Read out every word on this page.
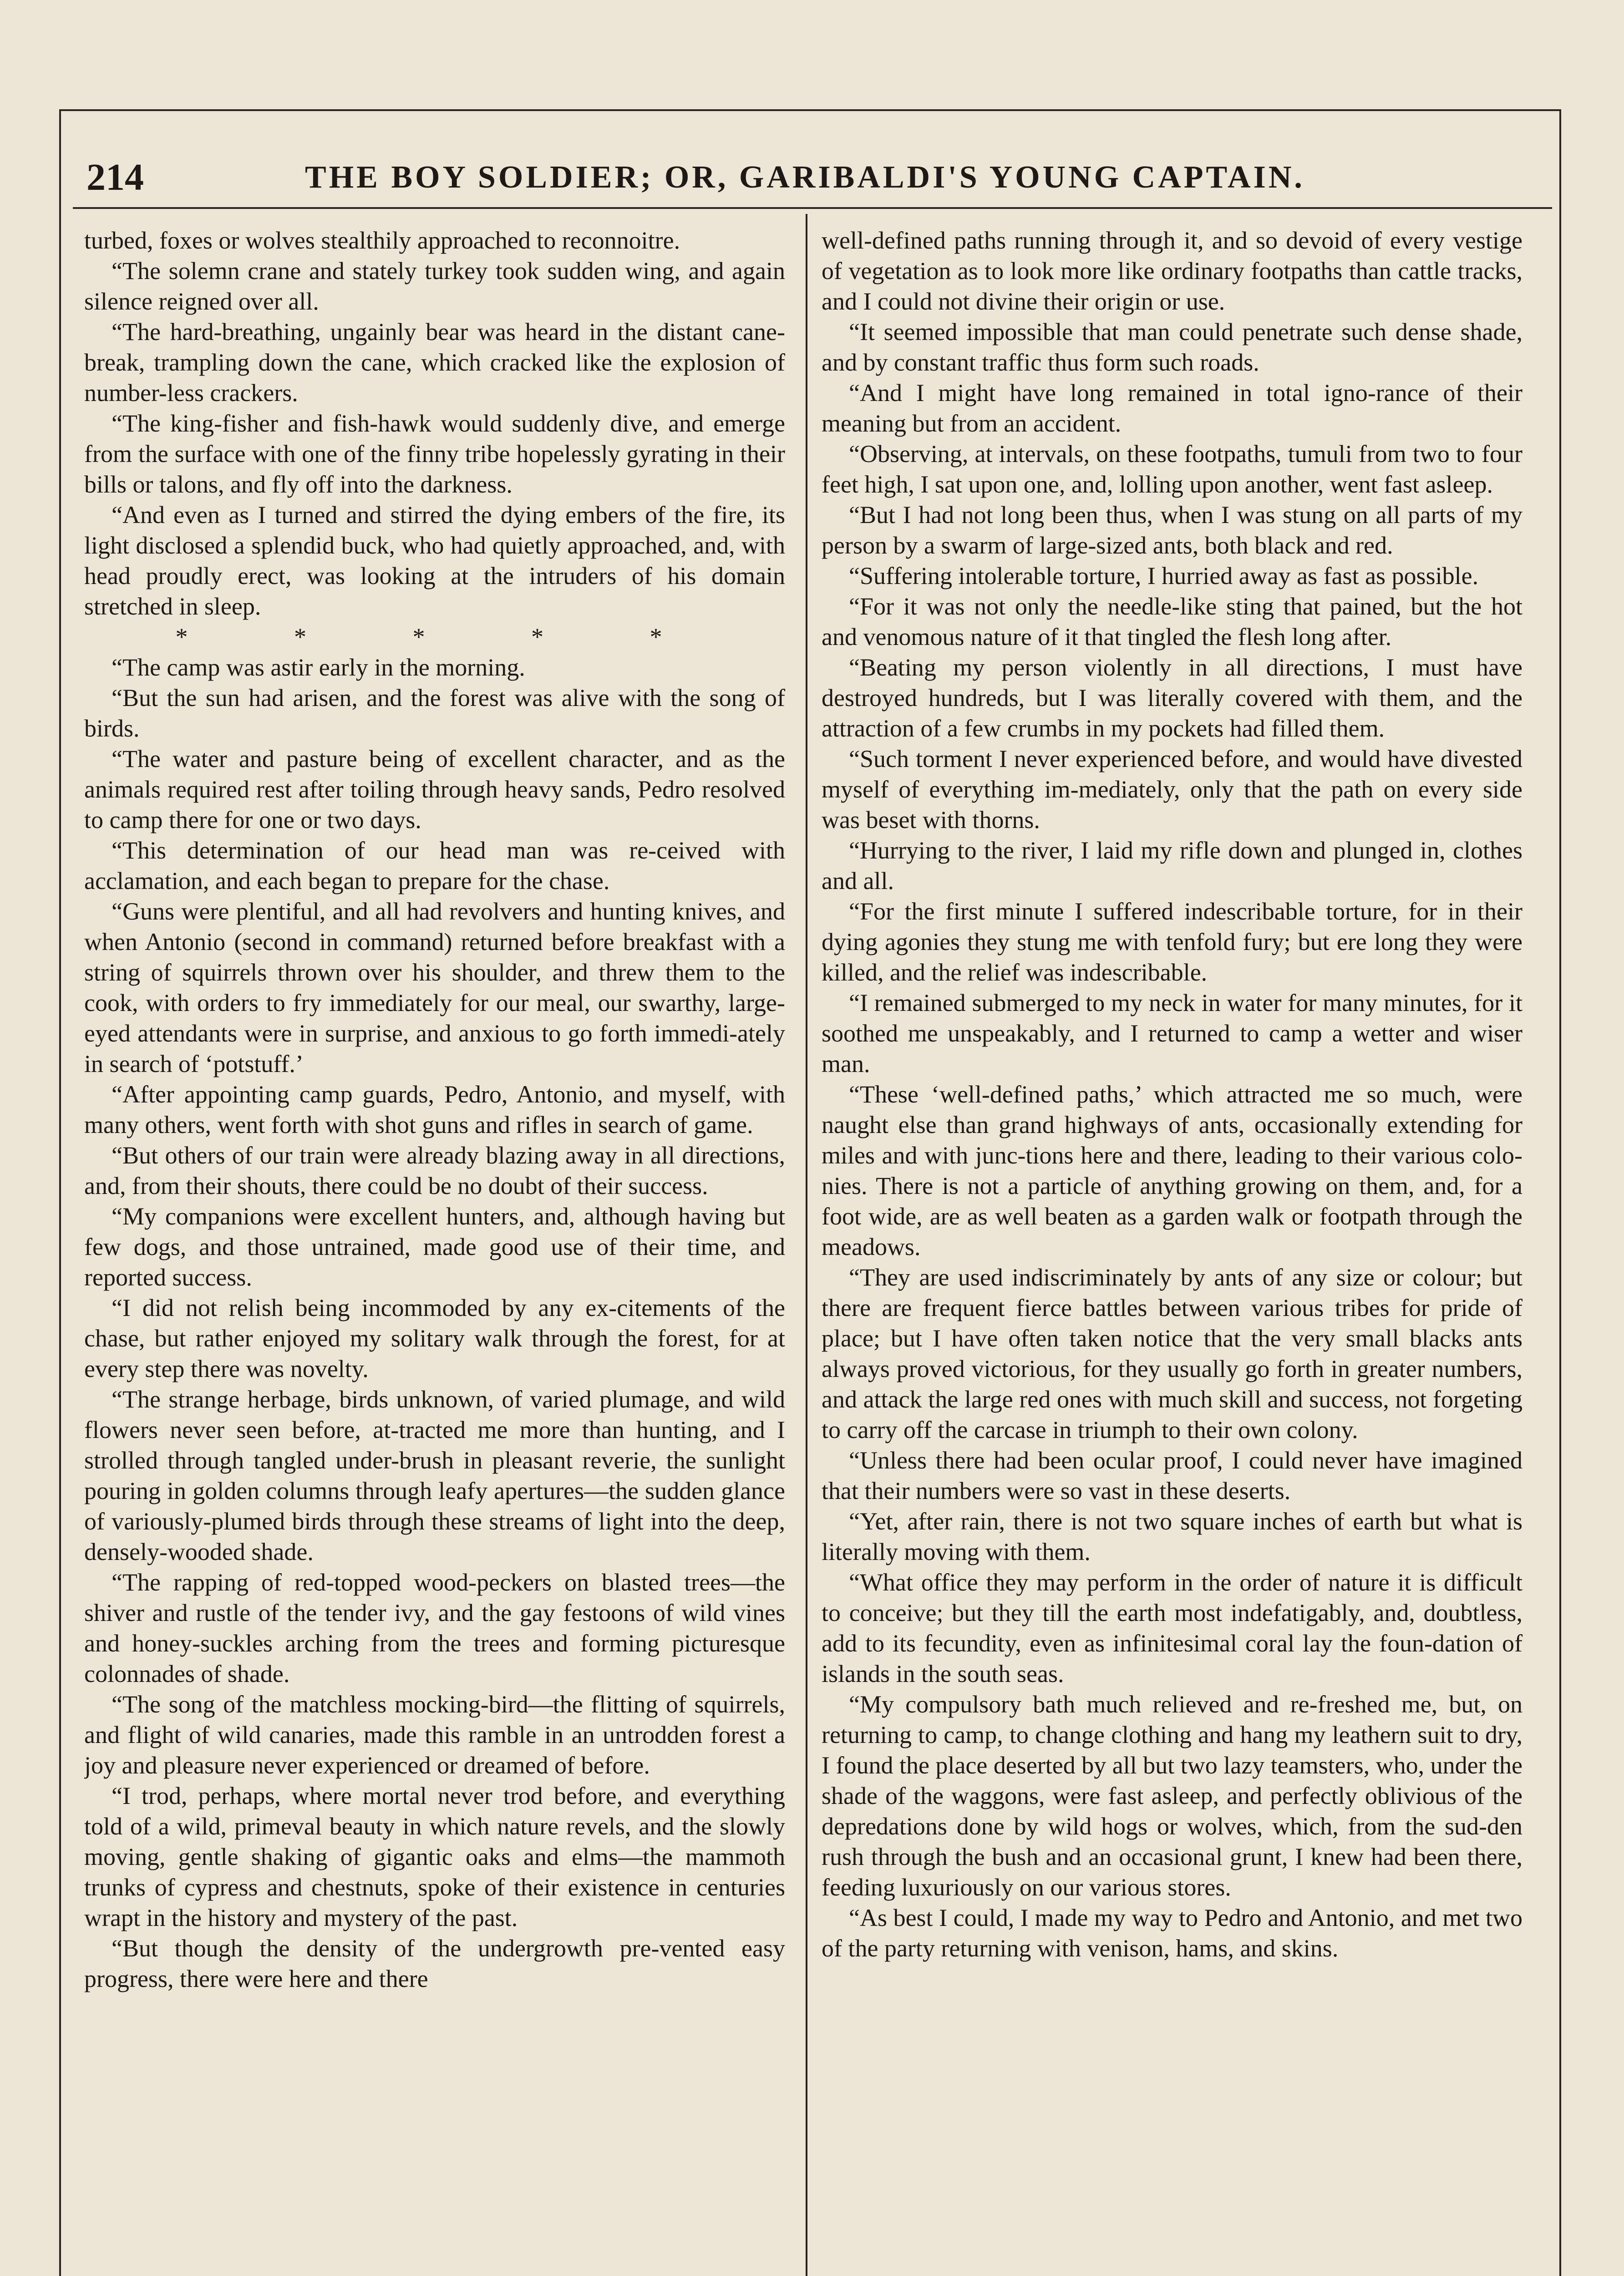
214	THE BOY SOLDIER; OR, GARIBALDI'S YOUNG CAPTAIN.

turbed, foxes or wolves stealthily approached to reconnoitre.

“The solemn crane and stately turkey took sudden wing, and again silence reigned over all.

“The hard-breathing, ungainly bear was heard in the distant cane-break, trampling down the cane, which cracked like the explosion of number-less crackers.

“The king-fisher and fish-hawk would suddenly dive, and emerge from the surface with one of the finny tribe hopelessly gyrating in their bills or talons, and fly off into the darkness.

“And even as I turned and stirred the dying embers of the fire, its light disclosed a splendid buck, who had quietly approached, and, with head proudly erect, was looking at the intruders of his domain stretched in sleep.

* * * * *

“The camp was astir early in the morning.

“But the sun had arisen, and the forest was alive with the song of birds.

“The water and pasture being of excellent character, and as the animals required rest after toiling through heavy sands, Pedro resolved to camp there for one or two days.

“This determination of our head man was re-ceived with acclamation, and each began to prepare for the chase.

“Guns were plentiful, and all had revolvers and hunting knives, and when Antonio (second in command) returned before breakfast with a string of squirrels thrown over his shoulder, and threw them to the cook, with orders to fry immediately for our meal, our swarthy, large-eyed attendants were in surprise, and anxious to go forth immedi-ately in search of ‘potstuff.’

“After appointing camp guards, Pedro, Antonio, and myself, with many others, went forth with shot guns and rifles in search of game.

“But others of our train were already blazing away in all directions, and, from their shouts, there could be no doubt of their success.

“My companions were excellent hunters, and, although having but few dogs, and those untrained, made good use of their time, and reported success.

“I did not relish being incommoded by any ex-citements of the chase, but rather enjoyed my solitary walk through the forest, for at every step there was novelty.

“The strange herbage, birds unknown, of varied plumage, and wild flowers never seen before, at-tracted me more than hunting, and I strolled through tangled under-brush in pleasant reverie, the sunlight pouring in golden columns through leafy apertures—the sudden glance of variously-plumed birds through these streams of light into the deep, densely-wooded shade.

“The rapping of red-topped wood-peckers on blasted trees—the shiver and rustle of the tender ivy, and the gay festoons of wild vines and honey-suckles arching from the trees and forming picturesque colonnades of shade.

“The song of the matchless mocking-bird—the flitting of squirrels, and flight of wild canaries, made this ramble in an untrodden forest a joy and pleasure never experienced or dreamed of before.

“I trod, perhaps, where mortal never trod before, and everything told of a wild, primeval beauty in which nature revels, and the slowly moving, gentle shaking of gigantic oaks and elms—the mammoth trunks of cypress and chestnuts, spoke of their existence in centuries wrapt in the history and mystery of the past.

“But though the density of the undergrowth pre-vented easy progress, there were here and there

well-defined paths running through it, and so devoid of every vestige of vegetation as to look more like ordinary footpaths than cattle tracks, and I could not divine their origin or use.

“It seemed impossible that man could penetrate such dense shade, and by constant traffic thus form such roads.

“And I might have long remained in total igno-rance of their meaning but from an accident.

“Observing, at intervals, on these footpaths, tumuli from two to four feet high, I sat upon one, and, lolling upon another, went fast asleep.

“But I had not long been thus, when I was stung on all parts of my person by a swarm of large-sized ants, both black and red.

“Suffering intolerable torture, I hurried away as fast as possible.

“For it was not only the needle-like sting that pained, but the hot and venomous nature of it that tingled the flesh long after.

“Beating my person violently in all directions, I must have destroyed hundreds, but I was literally covered with them, and the attraction of a few crumbs in my pockets had filled them.

“Such torment I never experienced before, and would have divested myself of everything im-mediately, only that the path on every side was beset with thorns.

“Hurrying to the river, I laid my rifle down and plunged in, clothes and all.

“For the first minute I suffered indescribable torture, for in their dying agonies they stung me with tenfold fury; but ere long they were killed, and the relief was indescribable.

“I remained submerged to my neck in water for many minutes, for it soothed me unspeakably, and I returned to camp a wetter and wiser man.

“These ‘well-defined paths,’ which attracted me so much, were naught else than grand highways of ants, occasionally extending for miles and with junc-tions here and there, leading to their various colo-nies. There is not a particle of anything growing on them, and, for a foot wide, are as well beaten as a garden walk or footpath through the meadows.

“They are used indiscriminately by ants of any size or colour; but there are frequent fierce battles between various tribes for pride of place; but I have often taken notice that the very small blacks ants always proved victorious, for they usually go forth in greater numbers, and attack the large red ones with much skill and success, not forgeting to carry off the carcase in triumph to their own colony.

“Unless there had been ocular proof, I could never have imagined that their numbers were so vast in these deserts.

“Yet, after rain, there is not two square inches of earth but what is literally moving with them.

“What office they may perform in the order of nature it is difficult to conceive; but they till the earth most indefatigably, and, doubtless, add to its fecundity, even as infinitesimal coral lay the foun-dation of islands in the south seas.

“My compulsory bath much relieved and re-freshed me, but, on returning to camp, to change clothing and hang my leathern suit to dry, I found the place deserted by all but two lazy teamsters, who, under the shade of the waggons, were fast asleep, and perfectly oblivious of the depredations done by wild hogs or wolves, which, from the sud-den rush through the bush and an occasional grunt, I knew had been there, feeding luxuriously on our various stores.

“As best I could, I made my way to Pedro and Antonio, and met two of the party returning with venison, hams, and skins.
